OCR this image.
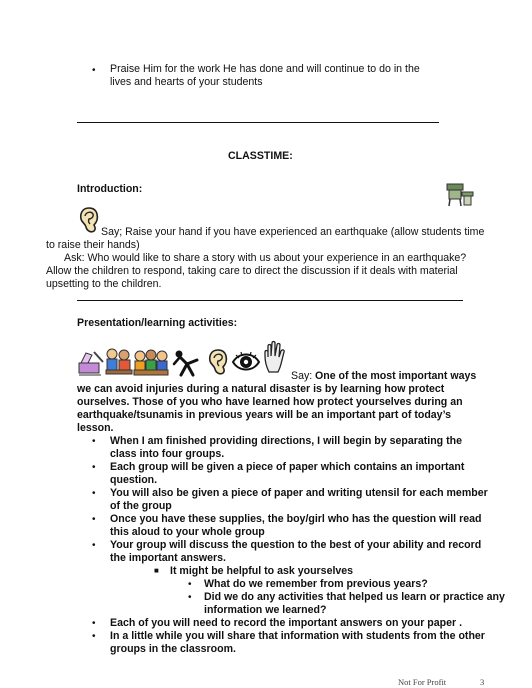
• Praise Him for the work He has done and will continue to do in the
lives and hearts of your students
CLASSTIME:
Introduction:
Say; Raise your hand if you have experienced an earthquake (allow students time
to raise their hands)
Ask: Who would like to share a story with us about your experience in an earthquake?
Allow the children to respond, taking care to direct the discussion if it deals with material
upsetting to the children.
Presentation/learning activities:
Say: One of the most important ways
we can avoid injuries during a natural disaster is by learning how protect
ourselves. Those of you who have learned how protect yourselves during an
earthquake/tsunamis in previous years will be an important part of today’s
lesson.
• When I am finished providing directions, I will begin by separating the
class into four groups.
• Each group will be given a piece of paper which contains an important
question.
• You will also be given a piece of paper and writing utensil for each member
of the group
• Once you have these supplies, the boy/girl who has the question will read
this aloud to your whole group
• Your group will discuss the question to the best of your ability and record
the important answers.
■ It might be helpful to ask yourselves
• What do we remember from previous years?
• Did we do any activities that helped us learn or practice any
information we learned?
• Each of you will need to record the important answers on your paper .
• In a little while you will share that information with students from the other
groups in the classroom.
Not For Profit	3
